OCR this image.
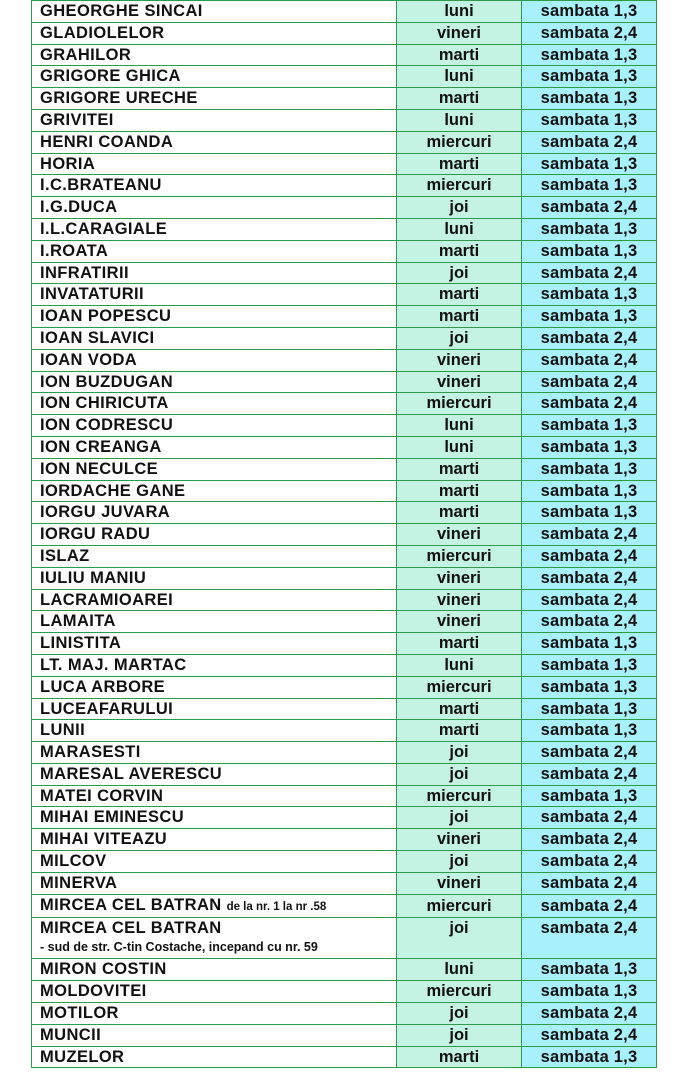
GHEORGHE SINCAI	luni	sambata 1,3
GLADIOLELOR	vineri	sambata 2,4
GRAHILOR	marti	sambata 1,3
GRIGORE GHICA	luni	sambata 1,3
GRIGORE URECHE	marti	sambata 1,3
GRIVITEI	luni	sambata 1,3
HENRI COANDA	miercuri	sambata 2,4
HORIA	marti	sambata 1,3
I.C.BRATEANU	miercuri	sambata 1,3
I.G.DUCA	joi	sambata 2,4
I.L.CARAGIALE	luni	sambata 1,3
I.ROATA	marti	sambata 1,3
INFRATIRII	joi	sambata 2,4
INVATATURII	marti	sambata 1,3
IOAN POPESCU	marti	sambata 1,3
IOAN SLAVICI	joi	sambata 2,4
IOAN VODA	vineri	sambata 2,4
ION BUZDUGAN	vineri	sambata 2,4
ION CHIRICUTA	miercuri	sambata 2,4
ION CODRESCU	luni	sambata 1,3
ION CREANGA	luni	sambata 1,3
ION NECULCE	marti	sambata 1,3
IORDACHE GANE	marti	sambata 1,3
IORGU JUVARA	marti	sambata 1,3
IORGU RADU	vineri	sambata 2,4
ISLAZ	miercuri	sambata 2,4
IULIU MANIU	vineri	sambata 2,4
LACRAMIOAREI	vineri	sambata 2,4
LAMAITA	vineri	sambata 2,4
LINISTITA	marti	sambata 1,3
LT. MAJ. MARTAC	luni	sambata 1,3
LUCA ARBORE	miercuri	sambata 1,3
LUCEAFARULUI	marti	sambata 1,3
LUNII	marti	sambata 1,3
MARASESTI	joi	sambata 2,4
MARESAL AVERESCU	joi	sambata 2,4
MATEI CORVIN	miercuri	sambata 1,3
MIHAI EMINESCU	joi	sambata 2,4
MIHAI VITEAZU	vineri	sambata 2,4
MILCOV	joi	sambata 2,4
MINERVA	vineri	sambata 2,4
MIRCEA CEL BATRAN de la nr. 1 la nr .58	miercuri	sambata 2,4
MIRCEA CEL BATRAN
- sud de str. C-tin Costache, incepand cu nr. 59	joi	sambata 2,4
MIRON COSTIN	luni	sambata 1,3
MOLDOVITEI	miercuri	sambata 1,3
MOTILOR	joi	sambata 2,4
MUNCII	joi	sambata 2,4
MUZELOR	marti	sambata 1,3
